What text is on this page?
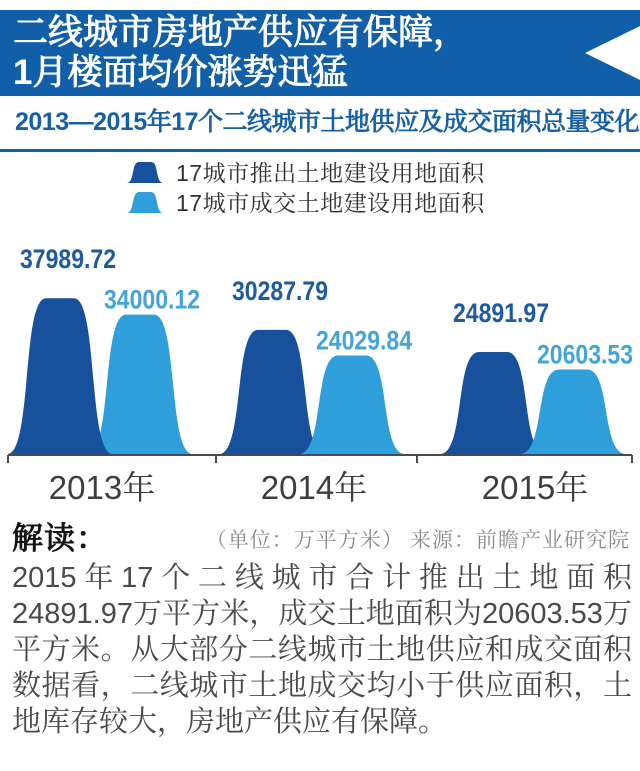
二线城市房地产供应有保障，
1月楼面均价涨势迅猛
2013—2015年17个二线城市土地供应及成交面积总量变化
17城市推出土地建设用地面积
17城市成交土地建设用地面积
37989.72
34000.12 30287.79
24029.84
24891.97
20603.53
2013年	2014年	2015年
解读：	（单位：万平方米） 来源：前瞻产业研究院

2015年17个二线城市合计推出土地面积24891.97万平方米，成交土地面积为20603.53万平方米。从大部分二线城市土地供应和成交面积数据看，二线城市土地成交均小于供应面积，土地库存较大，房地产供应有保障。
